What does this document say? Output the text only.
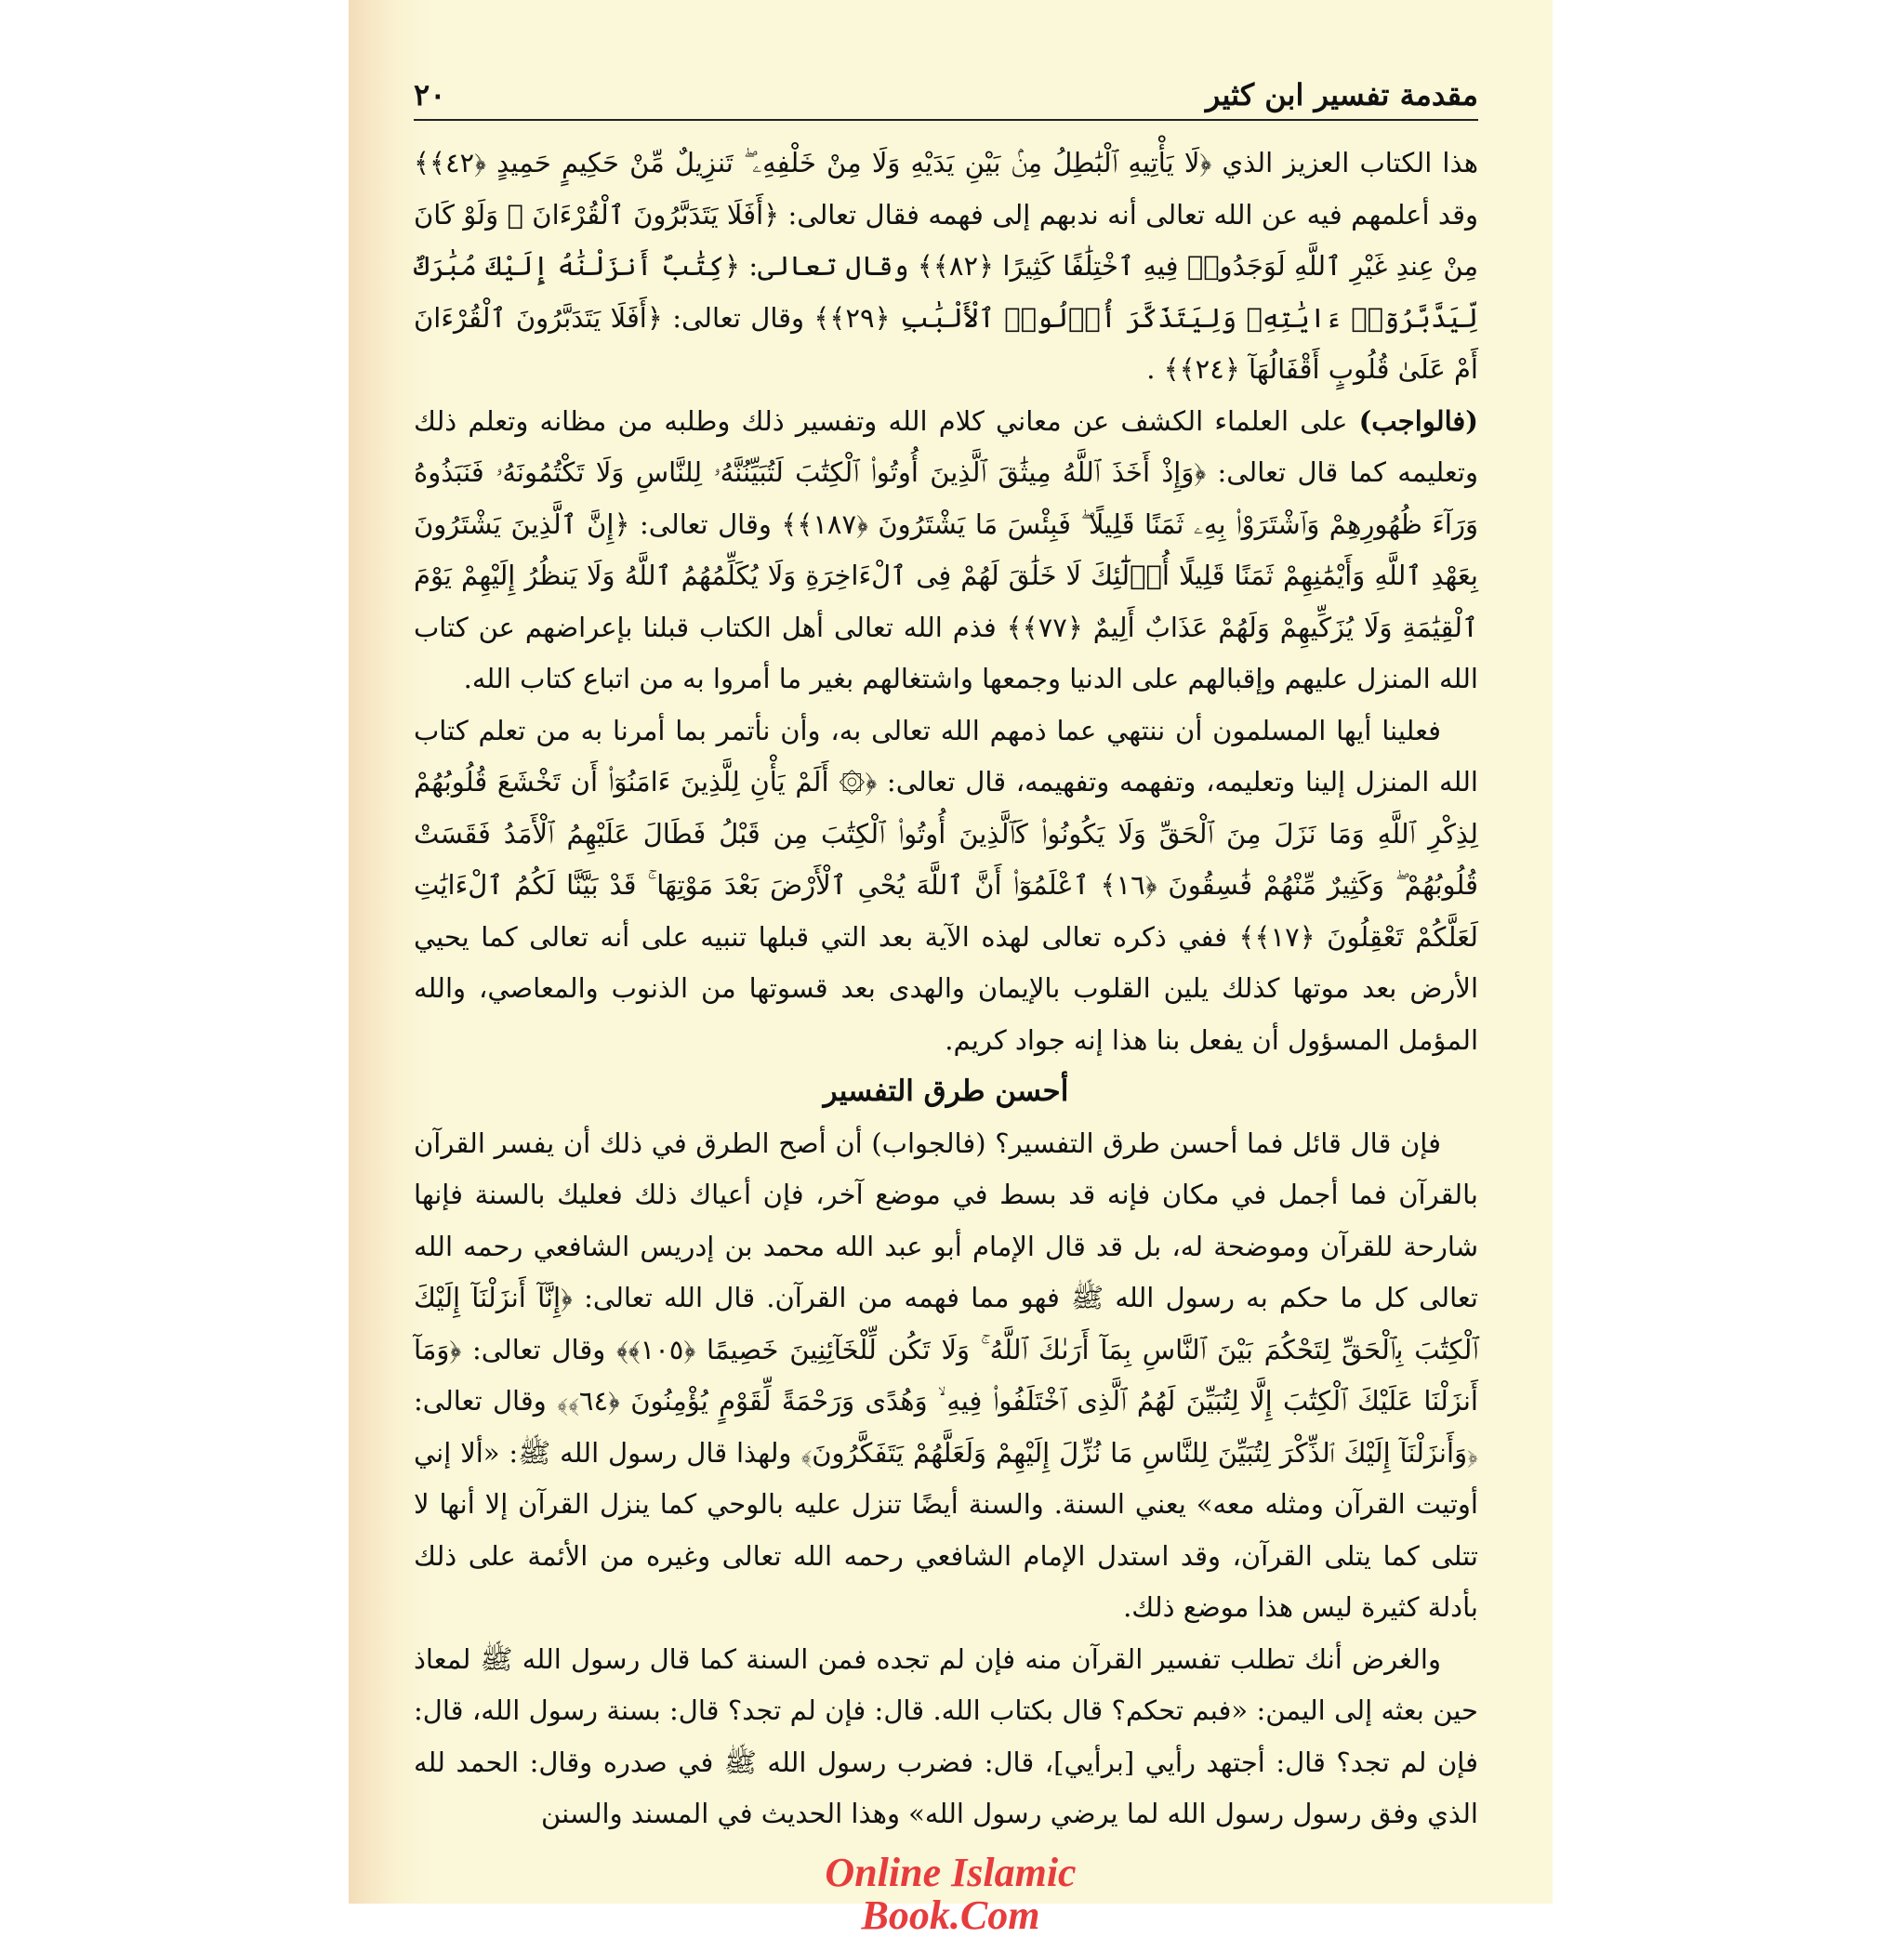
مقدمة تفسير ابن كثير
٢٠

هذا الكتاب العزيز الذي ﴿لَا يَأْتِيهِ ٱلْبَٰطِلُ مِنۢ بَيْنِ يَدَيْهِ وَلَا مِنْ خَلْفِهِۦ ۖ تَنزِيلٌ مِّنْ حَكِيمٍ حَمِيدٍ ﴿٤٢﴾﴾ وقد أعلمهم فيه عن الله تعالى أنه ندبهم إلى فهمه فقال تعالى: ﴿أَفَلَا يَتَدَبَّرُونَ ٱلْقُرْءَانَ ۚ وَلَوْ كَانَ مِنْ عِندِ غَيْرِ ٱللَّهِ لَوَجَدُوا۟ فِيهِ ٱخْتِلَٰفًا كَثِيرًا ﴿٨٢﴾﴾ وقال تعالى: ﴿كِتَٰبٌ أَنزَلْنَٰهُ إِلَيْكَ مُبَٰرَكٌ لِّيَدَّبَّرُوٓا۟ ءَايَٰتِهِۦ وَلِيَتَذَكَّرَ أُو۟لُوا۟ ٱلْأَلْبَٰبِ ﴿٢٩﴾﴾ وقال تعالى: ﴿أَفَلَا يَتَدَبَّرُونَ ٱلْقُرْءَانَ أَمْ عَلَىٰ قُلُوبٍ أَقْفَالُهَآ ﴿٢٤﴾﴾ .

(فالواجب) على العلماء الكشف عن معاني كلام الله وتفسير ذلك وطلبه من مظانه وتعلم ذلك وتعليمه كما قال تعالى: ﴿وَإِذْ أَخَذَ ٱللَّهُ مِيثَٰقَ ٱلَّذِينَ أُوتُوا۟ ٱلْكِتَٰبَ لَتُبَيِّنُنَّهُۥ لِلنَّاسِ وَلَا تَكْتُمُونَهُۥ فَنَبَذُوهُ وَرَآءَ ظُهُورِهِمْ وَٱشْتَرَوْا۟ بِهِۦ ثَمَنًا قَلِيلًا ۖ فَبِئْسَ مَا يَشْتَرُونَ ﴿١٨٧﴾﴾ وقال تعالى: ﴿إِنَّ ٱلَّذِينَ يَشْتَرُونَ بِعَهْدِ ٱللَّهِ وَأَيْمَٰنِهِمْ ثَمَنًا قَلِيلًا أُو۟لَٰٓئِكَ لَا خَلَٰقَ لَهُمْ فِى ٱلْءَاخِرَةِ وَلَا يُكَلِّمُهُمُ ٱللَّهُ وَلَا يَنظُرُ إِلَيْهِمْ يَوْمَ ٱلْقِيَٰمَةِ وَلَا يُزَكِّيهِمْ وَلَهُمْ عَذَابٌ أَلِيمٌ ﴿٧٧﴾﴾ فذم الله تعالى أهل الكتاب قبلنا بإعراضهم عن كتاب الله المنزل عليهم وإقبالهم على الدنيا وجمعها واشتغالهم بغير ما أمروا به من اتباع كتاب الله.

فعلينا أيها المسلمون أن ننتهي عما ذمهم الله تعالى به، وأن نأتمر بما أمرنا به من تعلم كتاب الله المنزل إلينا وتعليمه، وتفهمه وتفهيمه، قال تعالى: ﴿۞ أَلَمْ يَأْنِ لِلَّذِينَ ءَامَنُوٓا۟ أَن تَخْشَعَ قُلُوبُهُمْ لِذِكْرِ ٱللَّهِ وَمَا نَزَلَ مِنَ ٱلْحَقِّ وَلَا يَكُونُوا۟ كَٱلَّذِينَ أُوتُوا۟ ٱلْكِتَٰبَ مِن قَبْلُ فَطَالَ عَلَيْهِمُ ٱلْأَمَدُ فَقَسَتْ قُلُوبُهُمْ ۖ وَكَثِيرٌ مِّنْهُمْ فَٰسِقُونَ ﴿١٦﴾ ٱعْلَمُوٓا۟ أَنَّ ٱللَّهَ يُحْىِ ٱلْأَرْضَ بَعْدَ مَوْتِهَا ۚ قَدْ بَيَّنَّا لَكُمُ ٱلْءَايَٰتِ لَعَلَّكُمْ تَعْقِلُونَ ﴿١٧﴾﴾ ففي ذكره تعالى لهذه الآية بعد التي قبلها تنبيه على أنه تعالى كما يحيي الأرض بعد موتها كذلك يلين القلوب بالإيمان والهدى بعد قسوتها من الذنوب والمعاصي، والله المؤمل المسؤول أن يفعل بنا هذا إنه جواد كريم.

أحسن طرق التفسير

فإن قال قائل فما أحسن طرق التفسير؟ (فالجواب) أن أصح الطرق في ذلك أن يفسر القرآن بالقرآن فما أجمل في مكان فإنه قد بسط في موضع آخر، فإن أعياك ذلك فعليك بالسنة فإنها شارحة للقرآن وموضحة له، بل قد قال الإمام أبو عبد الله محمد بن إدريس الشافعي رحمه الله تعالى كل ما حكم به رسول الله ﷺ فهو مما فهمه من القرآن. قال الله تعالى: ﴿إِنَّآ أَنزَلْنَآ إِلَيْكَ ٱلْكِتَٰبَ بِٱلْحَقِّ لِتَحْكُمَ بَيْنَ ٱلنَّاسِ بِمَآ أَرَىٰكَ ٱللَّهُ ۚ وَلَا تَكُن لِّلْخَآئِنِينَ خَصِيمًا ﴿١٠٥﴾﴾ وقال تعالى: ﴿وَمَآ أَنزَلْنَا عَلَيْكَ ٱلْكِتَٰبَ إِلَّا لِتُبَيِّنَ لَهُمُ ٱلَّذِى ٱخْتَلَفُوا۟ فِيهِ ۙ وَهُدًى وَرَحْمَةً لِّقَوْمٍ يُؤْمِنُونَ ﴿٦٤﴾﴾ وقال تعالى: ﴿وَأَنزَلْنَآ إِلَيْكَ ٱلذِّكْرَ لِتُبَيِّنَ لِلنَّاسِ مَا نُزِّلَ إِلَيْهِمْ وَلَعَلَّهُمْ يَتَفَكَّرُونَ﴾ ولهذا قال رسول الله ﷺ: «ألا إني أوتيت القرآن ومثله معه» يعني السنة. والسنة أيضًا تنزل عليه بالوحي كما ينزل القرآن إلا أنها لا تتلى كما يتلى القرآن، وقد استدل الإمام الشافعي رحمه الله تعالى وغيره من الأئمة على ذلك بأدلة كثيرة ليس هذا موضع ذلك.

والغرض أنك تطلب تفسير القرآن منه فإن لم تجده فمن السنة كما قال رسول الله ﷺ لمعاذ حين بعثه إلى اليمن: «فبم تحكم؟ قال بكتاب الله. قال: فإن لم تجد؟ قال: بسنة رسول الله، قال: فإن لم تجد؟ قال: أجتهد رأيي [برأيي]، قال: فضرب رسول الله ﷺ في صدره وقال: الحمد لله الذي وفق رسول رسول الله لما يرضي رسول الله» وهذا الحديث في المسند والسنن

Online Islamic
Book.Com
